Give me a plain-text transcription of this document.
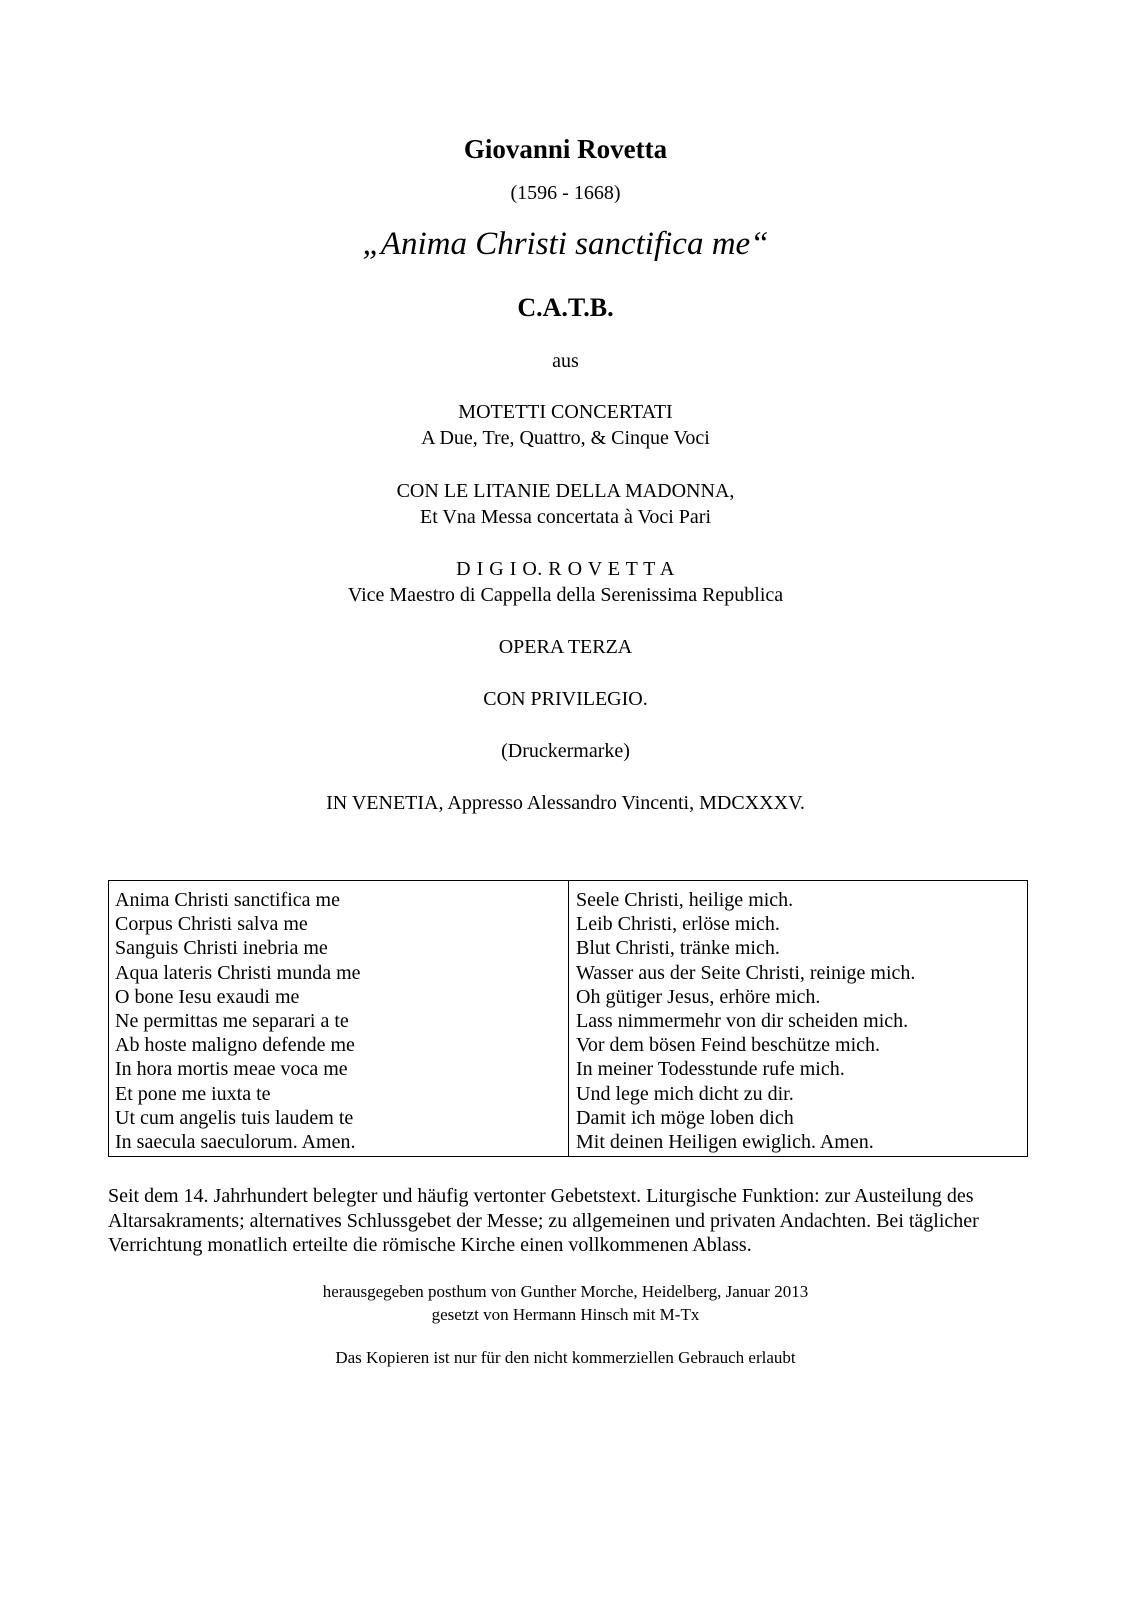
Giovanni Rovetta
(1596 - 1668)
„Anima Christi sanctifica me“
C.A.T.B.
aus
MOTETTI CONCERTATI
A Due, Tre, Quattro, & Cinque Voci
CON LE LITANIE DELLA MADONNA,
Et Vna Messa concertata à Voci Pari
D I G I O. R O V E T T A
Vice Maestro di Cappella della Serenissima Republica
OPERA TERZA
CON PRIVILEGIO.
(Druckermarke)
IN VENETIA, Appresso Alessandro Vincenti, MDCXXXV.
Anima Christi sanctifica me
Corpus Christi salva me
Sanguis Christi inebria me
Aqua lateris Christi munda me
O bone Iesu exaudi me
Ne permittas me separari a te
Ab hoste maligno defende me
In hora mortis meae voca me
Et pone me iuxta te
Ut cum angelis tuis laudem te
In saecula saeculorum. Amen.
Seele Christi, heilige mich.
Leib Christi, erlöse mich.
Blut Christi, tränke mich.
Wasser aus der Seite Christi, reinige mich.
Oh gütiger Jesus, erhöre mich.
Lass nimmermehr von dir scheiden mich.
Vor dem bösen Feind beschütze mich.
In meiner Todesstunde rufe mich.
Und lege mich dicht zu dir.
Damit ich möge loben dich
Mit deinen Heiligen ewiglich. Amen.
Seit dem 14. Jahrhundert belegter und häufig vertonter Gebetstext. Liturgische Funktion: zur Austeilung des
Altarsakraments; alternatives Schlussgebet der Messe; zu allgemeinen und privaten Andachten. Bei täglicher
Verrichtung monatlich erteilte die römische Kirche einen vollkommenen Ablass.
herausgegeben posthum von Gunther Morche, Heidelberg, Januar 2013
gesetzt von Hermann Hinsch mit M-Tx
Das Kopieren ist nur für den nicht kommerziellen Gebrauch erlaubt
